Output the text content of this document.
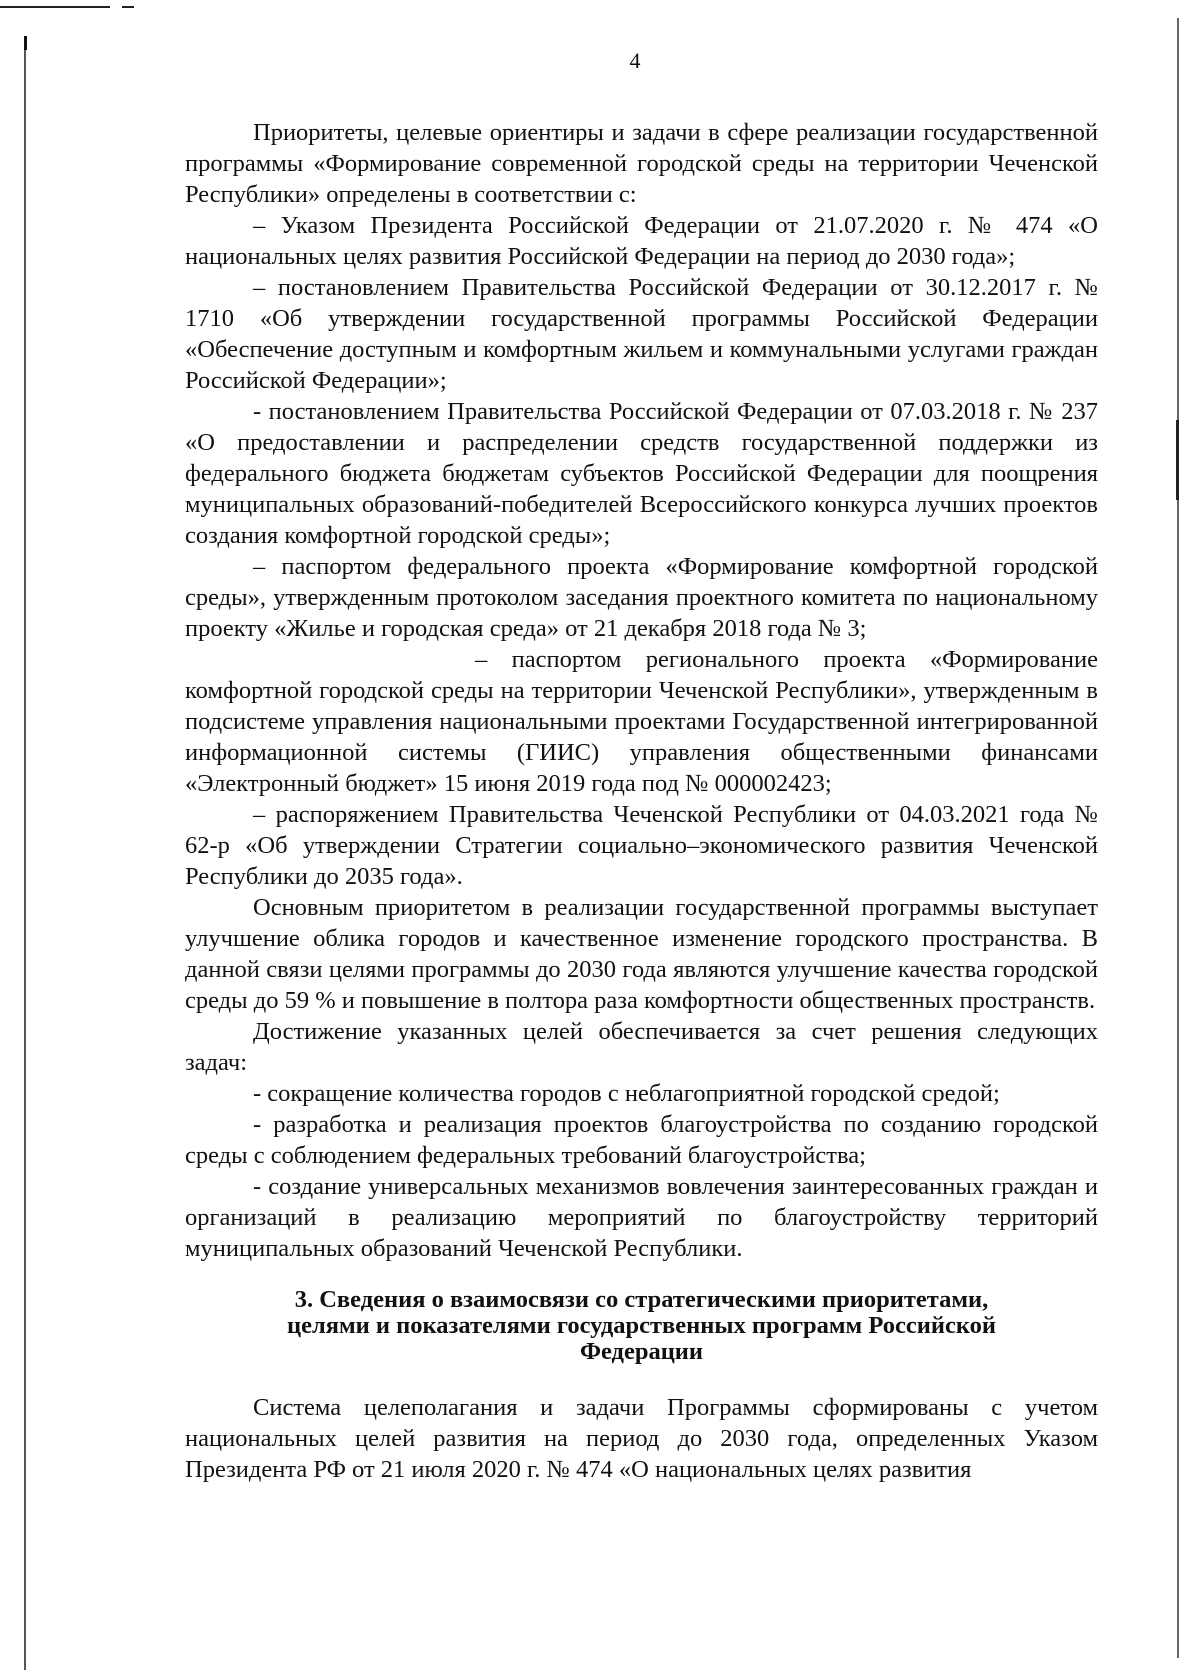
4

Приоритеты, целевые ориентиры и задачи в сфере реализации государственной программы «Формирование современной городской среды на территории Чеченской Республики» определены в соответствии с:

– Указом Президента Российской Федерации от 21.07.2020 г. № 474 «О национальных целях развития Российской Федерации на период до 2030 года»;

– постановлением Правительства Российской Федерации от 30.12.2017 г. № 1710 «Об утверждении государственной программы Российской Федерации «Обеспечение доступным и комфортным жильем и коммунальными услугами граждан Российской Федерации»;

- постановлением Правительства Российской Федерации от 07.03.2018 г. № 237 «О предоставлении и распределении средств государственной поддержки из федерального бюджета бюджетам субъектов Российской Федерации для поощрения муниципальных образований-победителей Всероссийского конкурса лучших проектов создания комфортной городской среды»;

– паспортом федерального проекта «Формирование комфортной городской среды», утвержденным протоколом заседания проектного комитета по национальному проекту «Жилье и городская среда» от 21 декабря 2018 года № 3;

– паспортом регионального проекта «Формирование комфортной городской среды на территории Чеченской Республики», утвержденным в подсистеме управления национальными проектами Государственной интегрированной информационной системы (ГИИС) управления общественными финансами «Электронный бюджет» 15 июня 2019 года под № 000002423;

– распоряжением Правительства Чеченской Республики от 04.03.2021 года № 62-р «Об утверждении Стратегии социально–экономического развития Чеченской Республики до 2035 года».

Основным приоритетом в реализации государственной программы выступает улучшение облика городов и качественное изменение городского пространства. В данной связи целями программы до 2030 года являются улучшение качества городской среды до 59 % и повышение в полтора раза комфортности общественных пространств.

Достижение указанных целей обеспечивается за счет решения следующих задач:

- сокращение количества городов с неблагоприятной городской средой;

- разработка и реализация проектов благоустройства по созданию городской среды с соблюдением федеральных требований благоустройства;

- создание универсальных механизмов вовлечения заинтересованных граждан и организаций в реализацию мероприятий по благоустройству территорий муниципальных образований Чеченской Республики.

3. Сведения о взаимосвязи со стратегическими приоритетами,
целями и показателями государственных программ Российской
Федерации

Система целеполагания и задачи Программы сформированы с учетом национальных целей развития на период до 2030 года, определенных Указом Президента РФ от 21 июля 2020 г. № 474 «О национальных целях развития
